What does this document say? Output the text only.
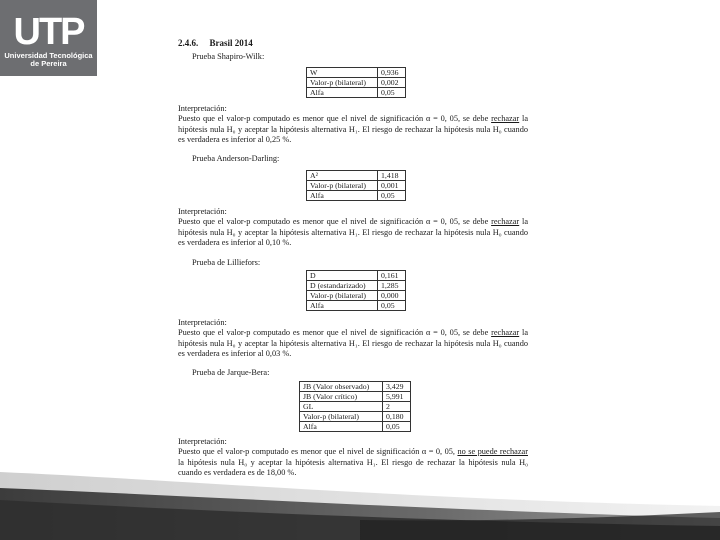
UTP
Universidad Tecnológica
de Pereira
2.4.6. Brasil 2014
Prueba Shapiro-Wilk:
W	0,936
Valor-p (bilateral)	0,002
Alfa	0,05
Interpretación:

Puesto que el valor-p computado es menor que el nivel de significación α = 0, 05, se debe rechazar la hipótesis nula H₀ y aceptar la hipótesis alternativa H₁. El riesgo de rechazar la hipótesis nula H₀ cuando es verdadera es inferior al 0,25 %.

Prueba Anderson-Darling:
A²	1,418
Valor-p (bilateral)	0,001
Alfa	0,05
Interpretación:

Puesto que el valor-p computado es menor que el nivel de significación α = 0, 05, se debe rechazar la hipótesis nula H₀ y aceptar la hipótesis alternativa H₁. El riesgo de rechazar la hipótesis nula H₀ cuando es verdadera es inferior al 0,10 %.

Prueba de Lilliefors:
D	0,161
D (estandarizado)	1,285
Valor-p (bilateral)	0,000
Alfa	0,05
Interpretación:

Puesto que el valor-p computado es menor que el nivel de significación α = 0, 05, se debe rechazar la hipótesis nula H₀ y aceptar la hipótesis alternativa H₁. El riesgo de rechazar la hipótesis nula H₀ cuando es verdadera es inferior al 0,03 %.

Prueba de Jarque-Bera:
JB (Valor observado)	3,429
JB (Valor crítico)	5,991
GL	2
Valor-p (bilateral)	0,180
Alfa	0,05
Interpretación:

Puesto que el valor-p computado es menor que el nivel de significación α = 0, 05, no se puede rechazar la hipótesis nula H₀ y aceptar la hipótesis alternativa H₁. El riesgo de rechazar la hipótesis nula H₀ cuando es verdadera es de 18,00 %.
